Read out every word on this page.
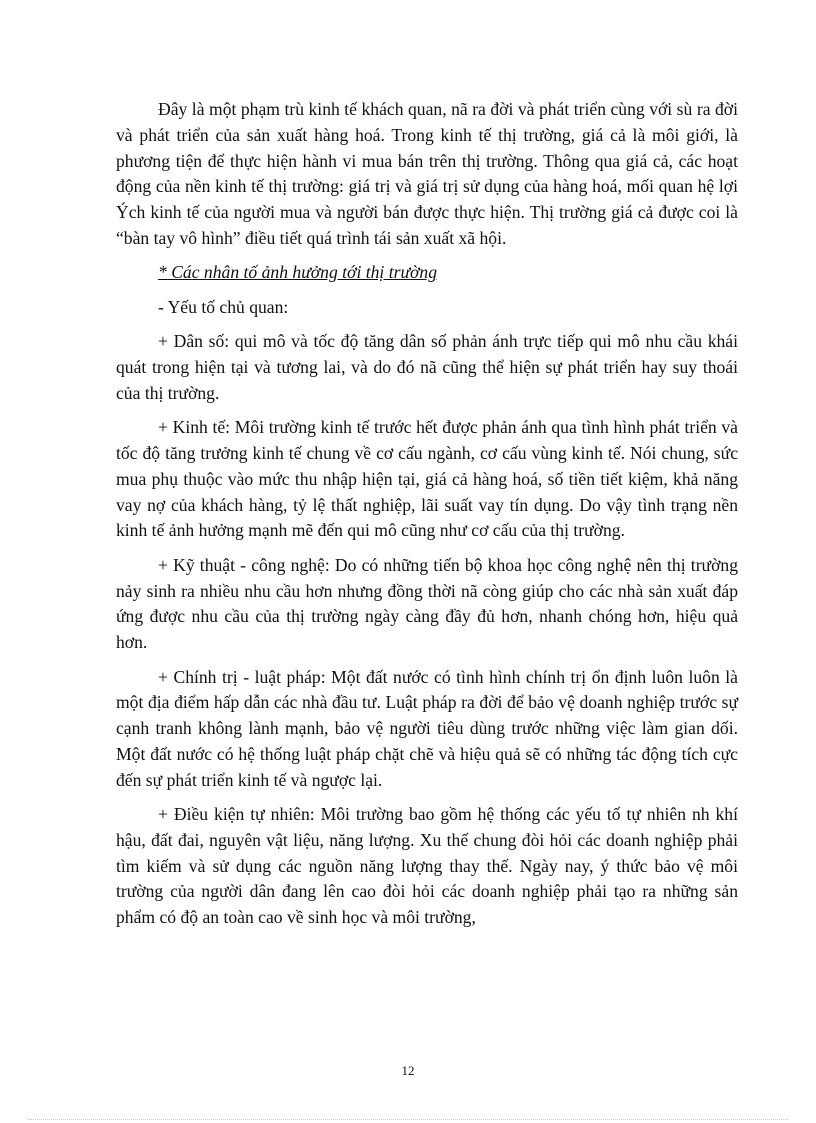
Đây là một phạm trù kinh tế khách quan, nã ra đời và phát triển cùng với sù ra đời và phát triển của sản xuất hàng hoá. Trong kinh tế thị trường, giá cả là môi giới, là phương tiện để thực hiện hành vi mua bán trên thị trường. Thông qua giá cả, các hoạt động của nền kinh tế thị trường: giá trị và giá trị sử dụng của hàng hoá, mối quan hệ lợi Ých kinh tế của người mua và người bán được thực hiện. Thị trường giá cả được coi là “bàn tay vô hình” điều tiết quá trình tái sản xuất xã hội.

* Các nhân tố ảnh hưởng tới thị trường

- Yếu tố chủ quan:

+ Dân số: qui mô và tốc độ tăng dân số phản ánh trực tiếp qui mô nhu cầu khái quát trong hiện tại và tương lai, và do đó nã cũng thể hiện sự phát triển hay suy thoái của thị trường.

+ Kinh tế: Môi trường kinh tế trước hết được phản ánh qua tình hình phát triển và tốc độ tăng trưởng kinh tế chung về cơ cấu ngành, cơ cấu vùng kinh tế. Nói chung, sức mua phụ thuộc vào mức thu nhập hiện tại, giá cả hàng hoá, số tiền tiết kiệm, khả năng vay nợ của khách hàng, tỷ lệ thất nghiệp, lãi suất vay tín dụng. Do vậy tình trạng nền kinh tế ảnh hưởng mạnh mẽ đến qui mô cũng như cơ cấu của thị trường.

+ Kỹ thuật - công nghệ: Do có những tiến bộ khoa học công nghệ nên thị trường nảy sinh ra nhiều nhu cầu hơn nhưng đồng thời nã còng giúp cho các nhà sản xuất đáp ứng được nhu cầu của thị trường ngày càng đầy đủ hơn, nhanh chóng hơn, hiệu quả hơn.

+ Chính trị - luật pháp: Một đất nước có tình hình chính trị ổn định luôn luôn là một địa điểm hấp dẫn các nhà đầu tư. Luật pháp ra đời để bảo vệ doanh nghiệp trước sự cạnh tranh không lành mạnh, bảo vệ người tiêu dùng trước những việc làm gian dối. Một đất nước có hệ thống luật pháp chặt chẽ và hiệu quả sẽ có những tác động tích cực đến sự phát triển kinh tế và ngược lại.

+ Điều kiện tự nhiên: Môi trường bao gồm hệ thống các yếu tố tự nhiên nh khí hậu, đất đai, nguyên vật liệu, năng lượng. Xu thế chung đòi hỏi các doanh nghiệp phải tìm kiếm và sử dụng các nguồn năng lượng thay thế. Ngày nay, ý thức bảo vệ môi trường của người dân đang lên cao đòi hỏi các doanh nghiệp phải tạo ra những sản phẩm có độ an toàn cao về sinh học và môi trường,

12
